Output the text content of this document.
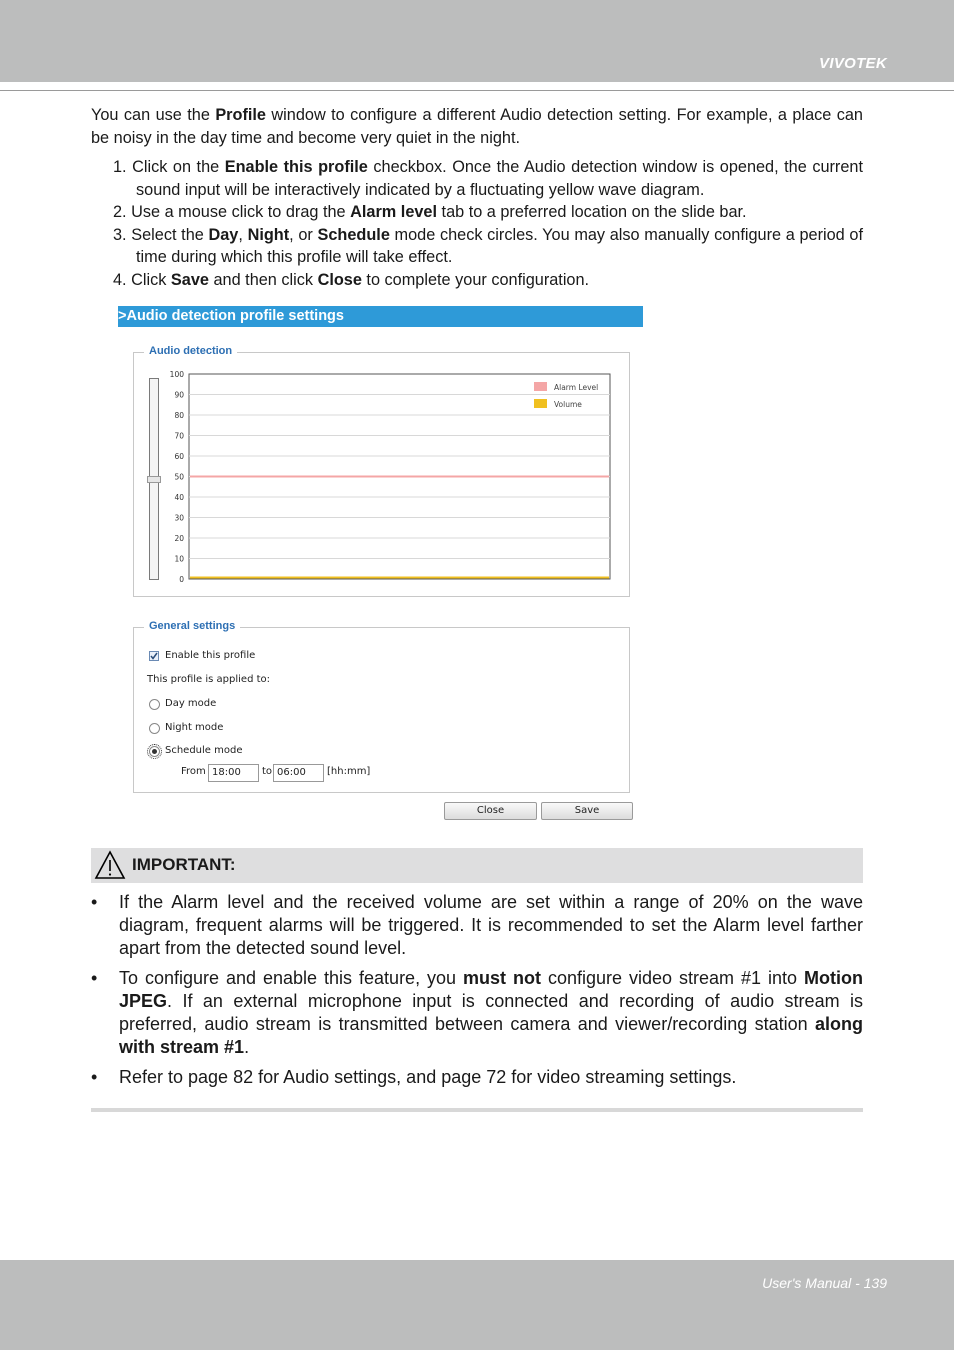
VIVOTEK
You can use the Profile window to configure a different Audio detection setting. For example, a place can be noisy in the day time and become very quiet in the night.
1. Click on the Enable this profile checkbox. Once the Audio detection window is opened, the current sound input will be interactively indicated by a fluctuating yellow wave diagram.
2. Use a mouse click to drag the Alarm level tab to a preferred location on the slide bar.
3. Select the Day, Night, or Schedule mode check circles. You may also manually configure a period of time during which this profile will take effect.
4. Click Save and then click Close to complete your configuration.
>Audio detection profile settings
Audio detection
100
90
80
70
60
50
40
30
20
10
0
Alarm Level
Volume
General settings
Enable this profile
This profile is applied to:
Day mode
Night mode
Schedule mode
From 18:00	to 06:00	[hh:mm]
Close	Save
IMPORTANT:
• If the Alarm level and the received volume are set within a range of 20% on the wave diagram, frequent alarms will be triggered. It is recommended to set the Alarm level farther apart from the detected sound level.
• To configure and enable this feature, you must not configure video stream #1 into Motion JPEG. If an external microphone input is connected and recording of audio stream is preferred, audio stream is transmitted between camera and viewer/recording station along with stream #1.
• Refer to page 82 for Audio settings, and page 72 for video streaming settings.
User's Manual - 139
